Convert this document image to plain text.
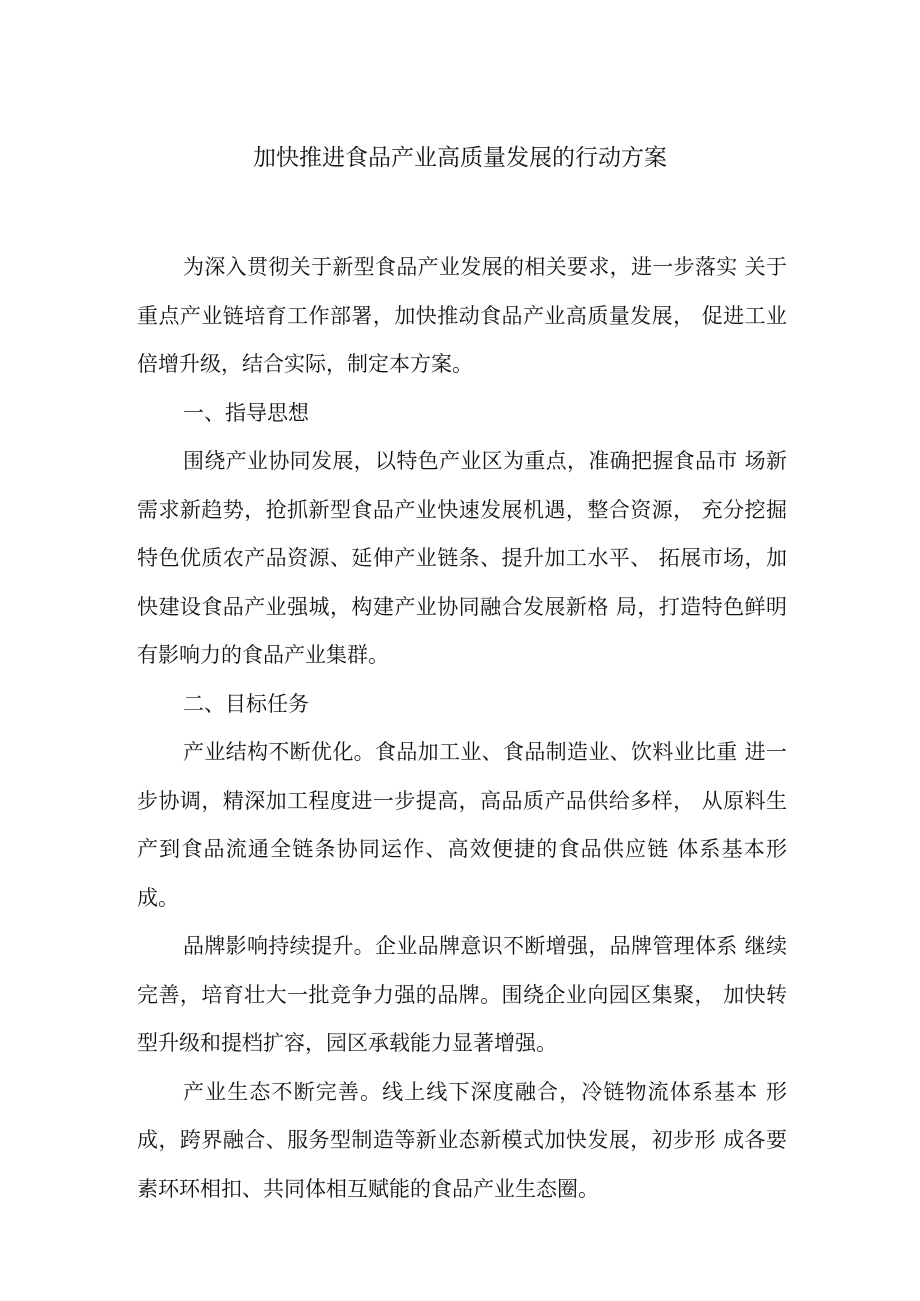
加快推进食品产业高质量发展的行动方案

为深入贯彻关于新型食品产业发展的相关要求，进一步落实 关于重点产业链培育工作部署，加快推动食品产业高质量发展， 促进工业倍增升级，结合实际，制定本方案。

一、指导思想

围绕产业协同发展，以特色产业区为重点，准确把握食品市 场新需求新趋势，抢抓新型食品产业快速发展机遇，整合资源， 充分挖掘特色优质农产品资源、延伸产业链条、提升加工水平、 拓展市场，加快建设食品产业强城，构建产业协同融合发展新格 局，打造特色鲜明有影响力的食品产业集群。

二、目标任务

产业结构不断优化。食品加工业、食品制造业、饮料业比重 进一步协调，精深加工程度进一步提高，高品质产品供给多样， 从原料生产到食品流通全链条协同运作、高效便捷的食品供应链 体系基本形成。

品牌影响持续提升。企业品牌意识不断增强，品牌管理体系 继续完善，培育壮大一批竞争力强的品牌。围绕企业向园区集聚， 加快转型升级和提档扩容，园区承载能力显著增强。

产业生态不断完善。线上线下深度融合，冷链物流体系基本 形成，跨界融合、服务型制造等新业态新模式加快发展，初步形 成各要素环环相扣、共同体相互赋能的食品产业生态圈。
